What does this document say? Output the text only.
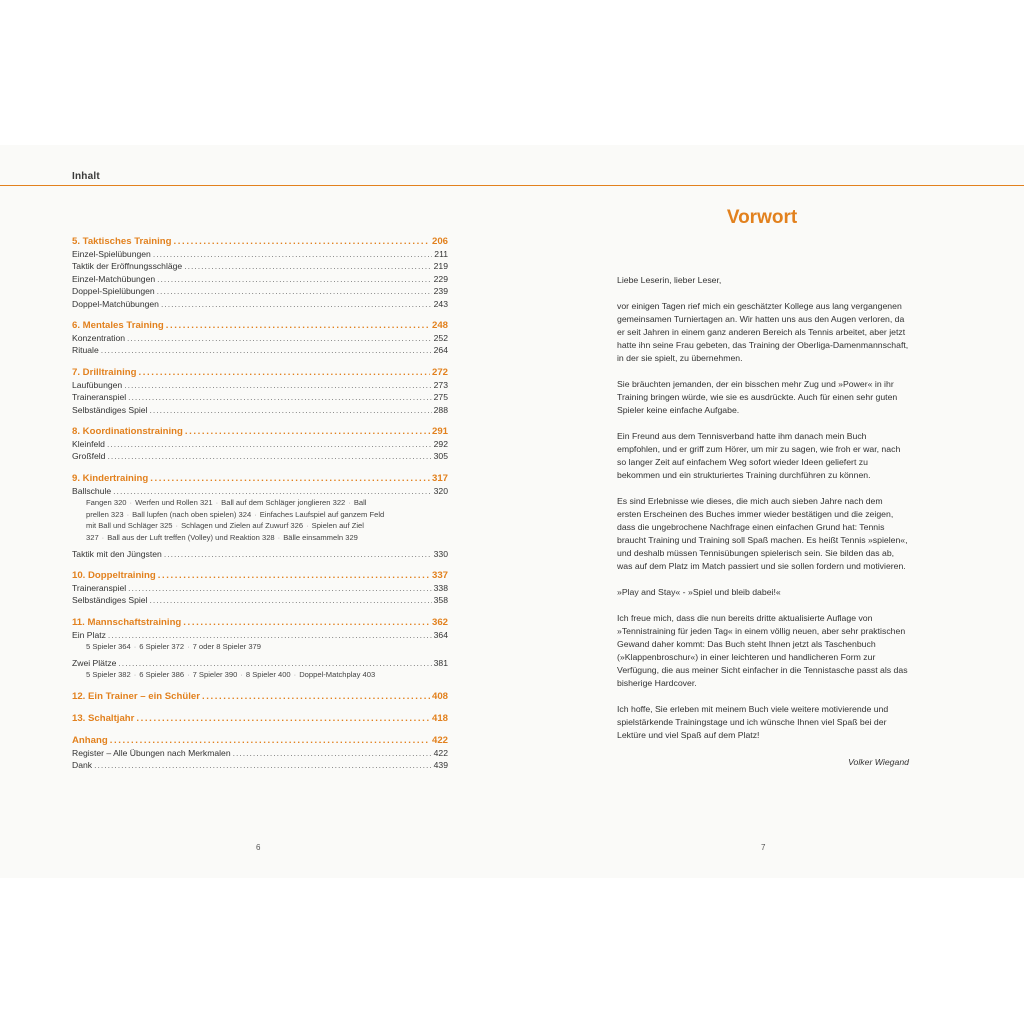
Inhalt
5. Taktisches Training .....	206
Einzel-Spielübungen .....	211
Taktik der Eröffnungsschläge .....	219
Einzel-Matchübungen .....	229
Doppel-Spielübungen .....	239
Doppel-Matchübungen .....	243
6. Mentales Training .....	248
Konzentration .....	252
Rituale .....	264
7. Drilltraining .....	272
Laufübungen .....	273
Traineranspiel .....	275
Selbständiges Spiel .....	288
8. Koordinationstraining .....	291
Kleinfeld .....	292
Großfeld .....	305
9. Kindertraining .....	317
Ballschule .....	320
Fangen 320 · Werfen und Rollen 321 · Ball auf dem Schläger jonglieren 322 · Ball prellen 323 · Ball lupfen (nach oben spielen) 324 · Einfaches Laufspiel auf ganzem Feld mit Ball und Schläger 325 · Schlagen und Zielen auf Zuwurf 326 · Spielen auf Ziel 327 · Ball aus der Luft treffen (Volley) und Reaktion 328 · Bälle einsammeln 329
Taktik mit den Jüngsten .....	330
10. Doppeltraining .....	337
Traineranspiel .....	338
Selbständiges Spiel .....	358
11. Mannschaftstraining .....	362
Ein Platz .....	364
5 Spieler 364 · 6 Spieler 372 · 7 oder 8 Spieler 379
Zwei Plätze .....	381
5 Spieler 382 · 6 Spieler 386 · 7 Spieler 390 · 8 Spieler 400 · Doppel-Matchplay 403
12. Ein Trainer – ein Schüler .....	408
13. Schaltjahr .....	418
Anhang .....	422
Register – Alle Übungen nach Merkmalen .....	422
Dank .....	439
6
Vorwort

Liebe Leserin, lieber Leser,

vor einigen Tagen rief mich ein geschätzter Kollege aus lang vergangenen gemeinsamen Turniertagen an. Wir hatten uns aus den Augen verloren, da er seit Jahren in einem ganz anderen Bereich als Tennis arbeitet, aber jetzt hatte ihn seine Frau gebeten, das Training der Oberliga-Damenmannschaft, in der sie spielt, zu übernehmen.

Sie bräuchten jemanden, der ein bisschen mehr Zug und »Power« in ihr Training bringen würde, wie sie es ausdrückte. Auch für einen sehr guten Spieler keine einfache Aufgabe.

Ein Freund aus dem Tennisverband hatte ihm danach mein Buch empfohlen, und er griff zum Hörer, um mir zu sagen, wie froh er war, nach so langer Zeit auf einfachem Weg sofort wieder Ideen geliefert zu bekommen und ein strukturiertes Training durchführen zu können.

Es sind Erlebnisse wie dieses, die mich auch sieben Jahre nach dem ersten Erscheinen des Buches immer wieder bestätigen und die zeigen, dass die ungebrochene Nachfrage einen einfachen Grund hat: Tennis braucht Training und Training soll Spaß machen. Es heißt Tennis »spielen«, und deshalb müssen Tennisübungen spielerisch sein. Sie bilden das ab, was auf dem Platz im Match passiert und sie sollen fordern und motivieren.

»Play and Stay« - »Spiel und bleib dabei!«

Ich freue mich, dass die nun bereits dritte aktualisierte Auflage von »Tennistraining für jeden Tag« in einem völlig neuen, aber sehr praktischen Gewand daher kommt: Das Buch steht Ihnen jetzt als Taschenbuch (»Klappenbroschur«) in einer leichteren und handlicheren Form zur Verfügung, die aus meiner Sicht einfacher in die Tennistasche passt als das bisherige Hardcover.

Ich hoffe, Sie erleben mit meinem Buch viele weitere motivierende und spielstärkende Trainingstage und ich wünsche Ihnen viel Spaß bei der Lektüre und viel Spaß auf dem Platz!

Volker Wiegand
7
